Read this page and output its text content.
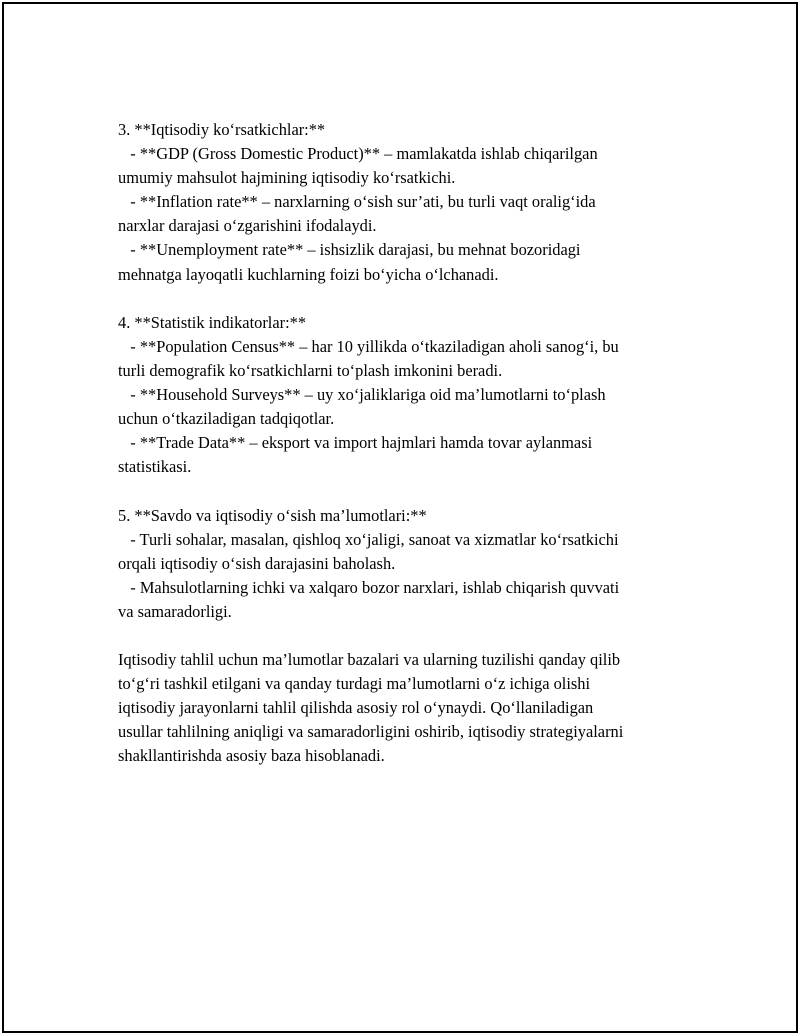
3. **Iqtisodiy ko‘rsatkichlar:**
- **GDP (Gross Domestic Product)** – mamlakatda ishlab chiqarilgan
umumiy mahsulot hajmining iqtisodiy ko‘rsatkichi.
- **Inflation rate** – narxlarning o‘sish sur’ati, bu turli vaqt oralig‘ida
narxlar darajasi o‘zgarishini ifodalaydi.
- **Unemployment rate** – ishsizlik darajasi, bu mehnat bozoridagi
mehnatga layoqatli kuchlarning foizi bo‘yicha o‘lchanadi.
4. **Statistik indikatorlar:**
- **Population Census** – har 10 yillikda o‘tkaziladigan aholi sanog‘i, bu
turli demografik ko‘rsatkichlarni to‘plash imkonini beradi.
- **Household Surveys** – uy xo‘jaliklariga oid ma’lumotlarni to‘plash
uchun o‘tkaziladigan tadqiqotlar.
- **Trade Data** – eksport va import hajmlari hamda tovar aylanmasi
statistikasi.
5. **Savdo va iqtisodiy o‘sish ma’lumotlari:**
- Turli sohalar, masalan, qishloq xo‘jaligi, sanoat va xizmatlar ko‘rsatkichi
orqali iqtisodiy o‘sish darajasini baholash.
- Mahsulotlarning ichki va xalqaro bozor narxlari, ishlab chiqarish quvvati
va samaradorligi.
Iqtisodiy tahlil uchun ma’lumotlar bazalari va ularning tuzilishi qanday qilib
to‘g‘ri tashkil etilgani va qanday turdagi ma’lumotlarni o‘z ichiga olishi
iqtisodiy jarayonlarni tahlil qilishda asosiy rol o‘ynaydi. Qo‘llaniladigan
usullar tahlilning aniqligi va samaradorligini oshirib, iqtisodiy strategiyalarni
shakllantirishda asosiy baza hisoblanadi.
